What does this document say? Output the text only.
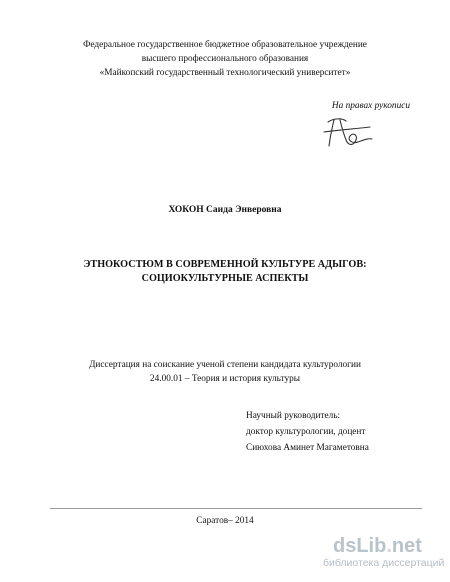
Федеральное государственное бюджетное образовательное учреждение
высшего профессионального образования
«Майкопский государственный технологический университет»
На правах рукописи
ХОКОН Саида Энверовна
ЭТНОКОСТЮМ В СОВРЕМЕННОЙ КУЛЬТУРЕ АДЫГОВ:
СОЦИОКУЛЬТУРНЫЕ АСПЕКТЫ
Диссертация на соискание ученой степени кандидата культурологии
24.00.01 – Теория и история культуры
Научный руководитель:
доктор культурологии, доцент
Сиюхова Аминет Магаметовна
Саратов– 2014
dsLib.net
библиотека диссертаций
